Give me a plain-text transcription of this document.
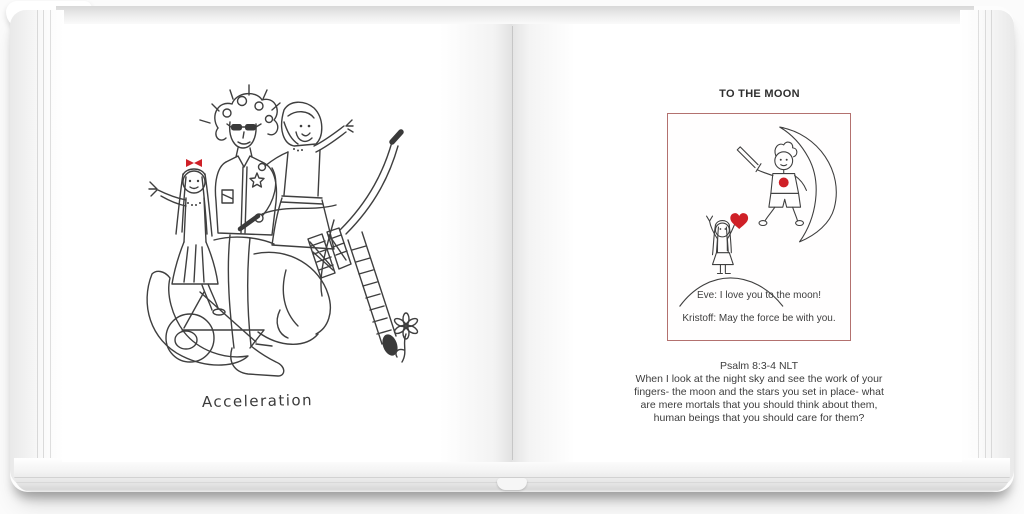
Acceleration
TO THE MOON
Eve: I love you to the moon!
Kristoff: May the force be with you.
Psalm 8:3-4 NLT
When I look at the night sky and see the work of your
fingers- the moon and the stars you set in place- what
are mere mortals that you should think about them,
human beings that you should care for them?
